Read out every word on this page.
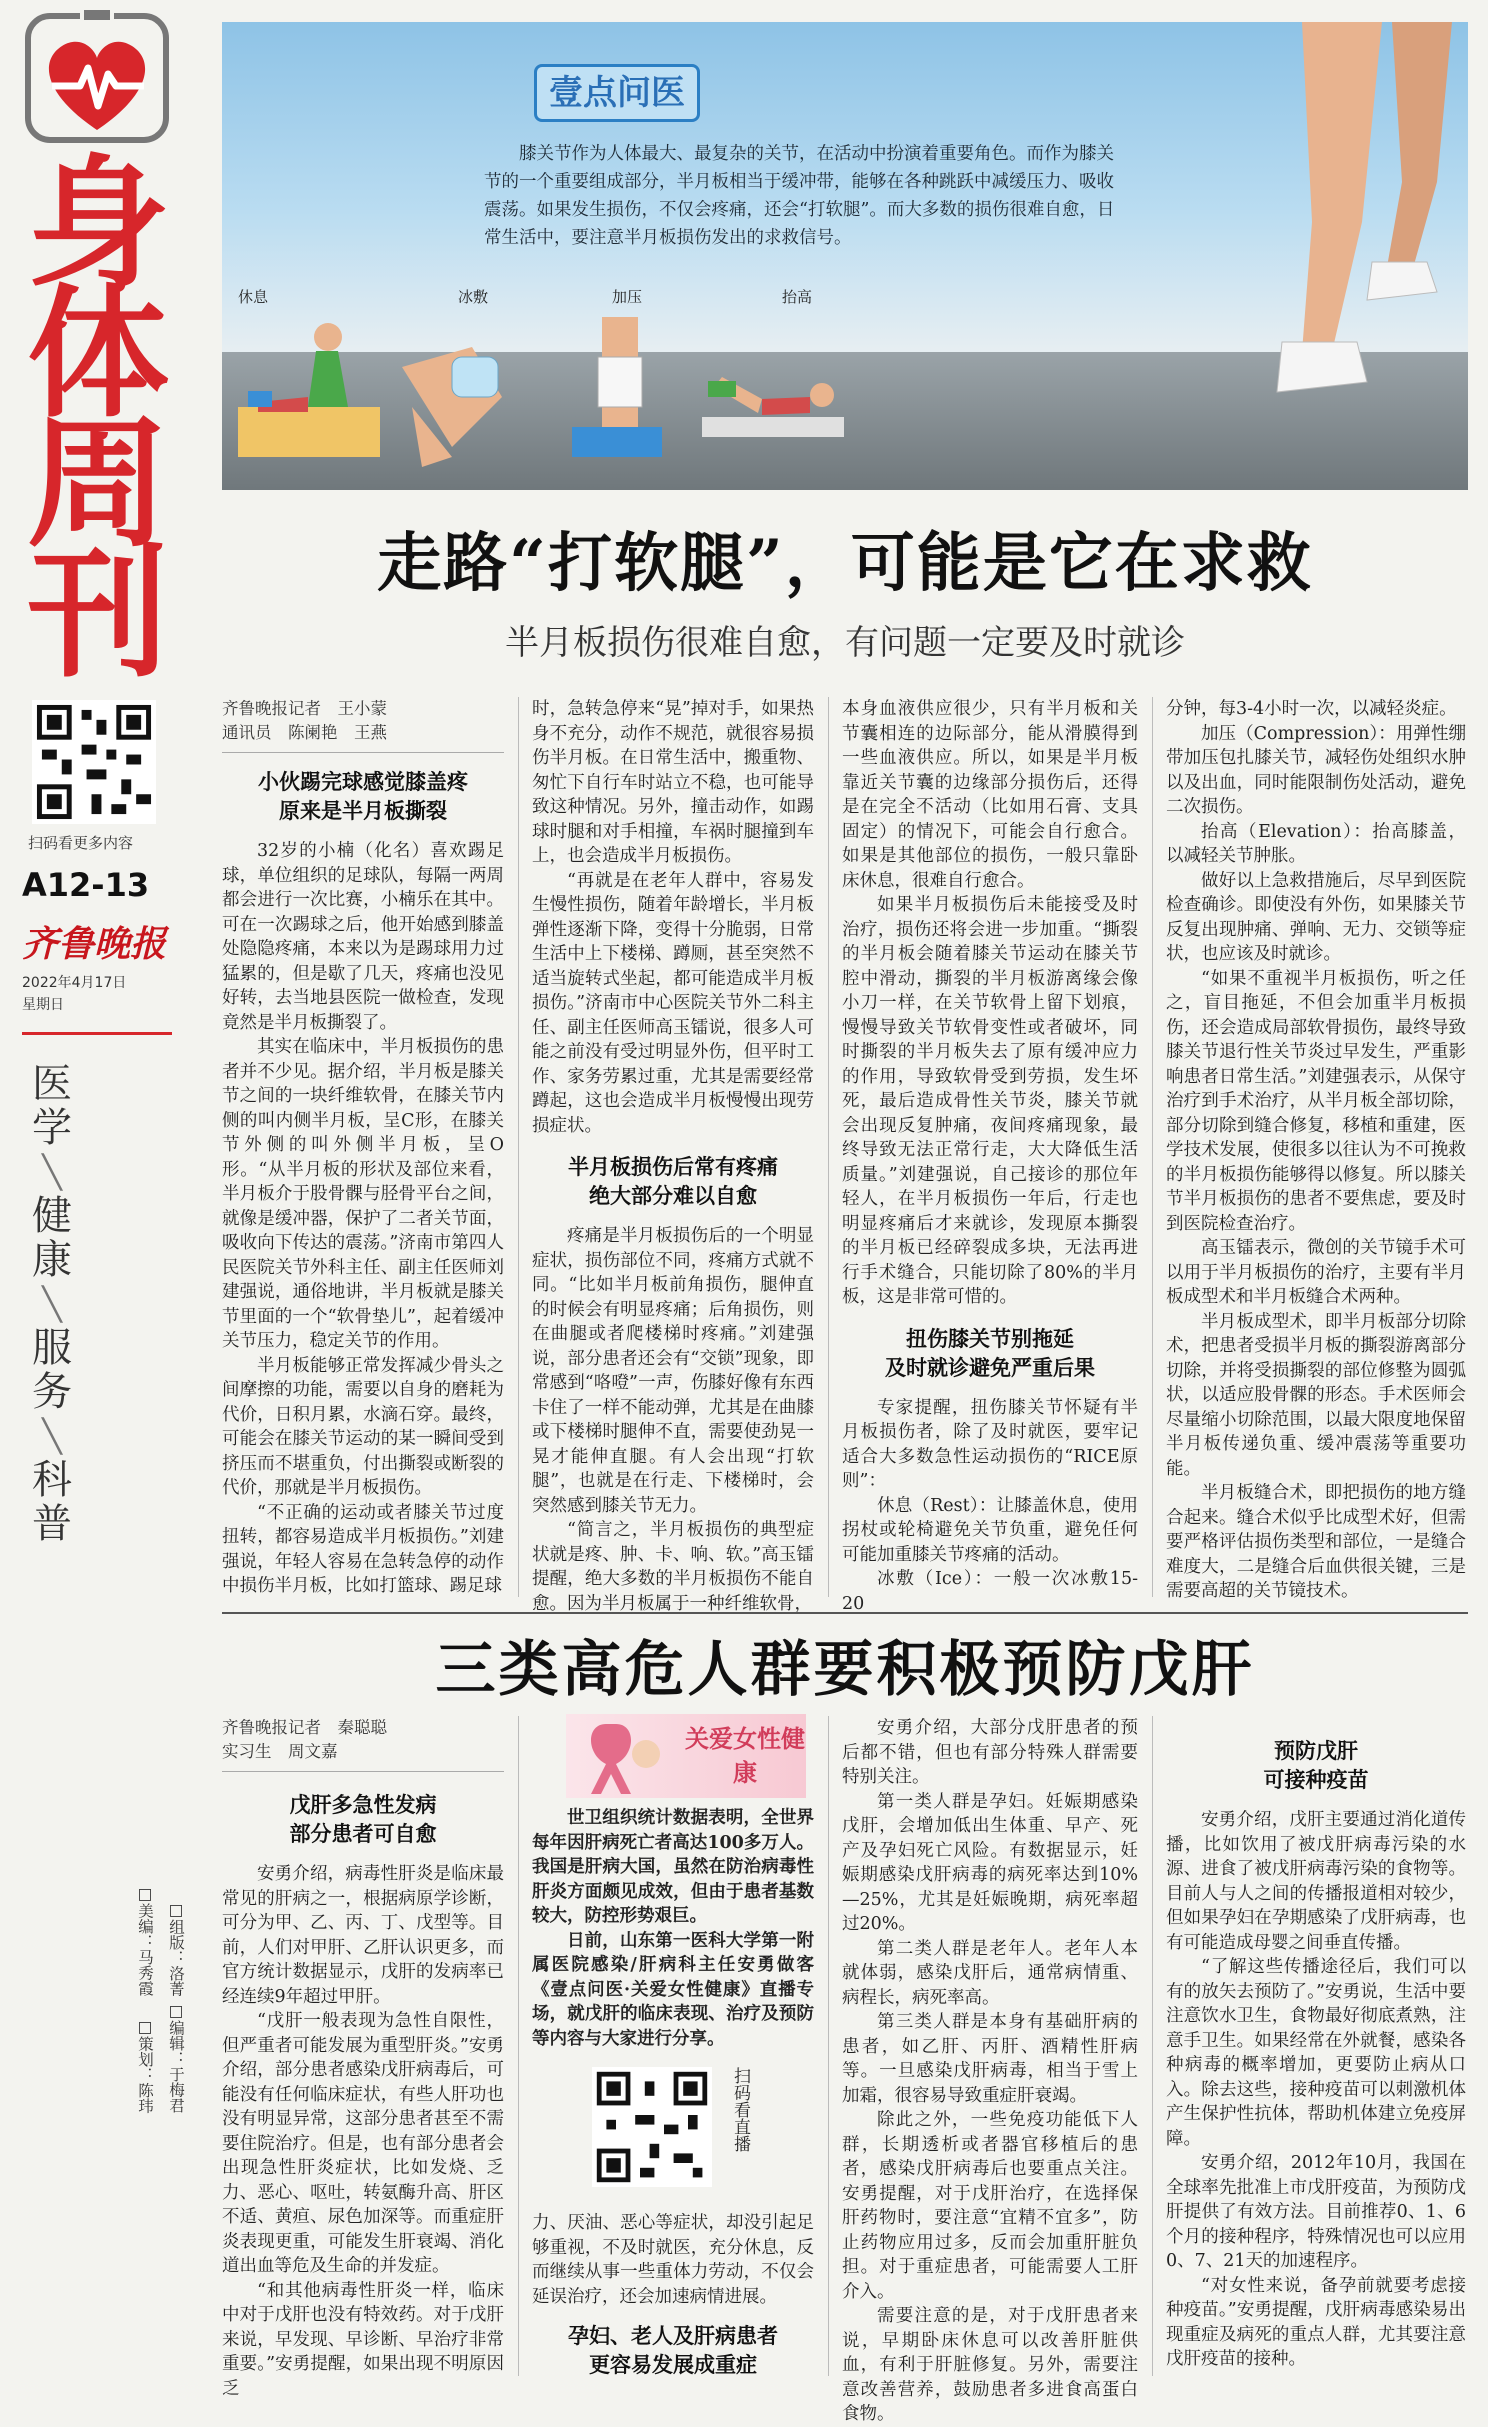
身
体
周
刊
扫码看更多内容
A12-13
齐鲁晚报
2022年4月17日
星期日
医学
╲
健康
╲
服务
╲
科普
□美编：马秀霞 □组版：洛菁 □策划：陈玮 □编辑：于梅君
壹点问医
膝关节作为人体最大、最复杂的关节，在活动中扮演着重要角色。而作为膝关节的一个重要组成部分，半月板相当于缓冲带，能够在各种跳跃中减缓压力、吸收震荡。如果发生损伤，不仅会疼痛，还会“打软腿”。而大多数的损伤很难自愈，日常生活中，要注意半月板损伤发出的求救信号。
休息	冰敷	加压	抬高
走路“打软腿”，可能是它在求救
半月板损伤很难自愈，有问题一定要及时就诊
齐鲁晚报记者　王小蒙
通讯员　陈阑艳　王燕
小伙踢完球感觉膝盖疼
原来是半月板撕裂

32岁的小楠（化名）喜欢踢足球，单位组织的足球队，每隔一两周都会进行一次比赛，小楠乐在其中。可在一次踢球之后，他开始感到膝盖处隐隐疼痛，本来以为是踢球用力过猛累的，但是歇了几天，疼痛也没见好转，去当地县医院一做检查，发现竟然是半月板撕裂了。

其实在临床中，半月板损伤的患者并不少见。据介绍，半月板是膝关节之间的一块纤维软骨，在膝关节内侧的叫内侧半月板，呈C形，在膝关节外侧的叫外侧半月板，呈O形。“从半月板的形状及部位来看，半月板介于股骨髁与胫骨平台之间，就像是缓冲器，保护了二者关节面，吸收向下传达的震荡。”济南市第四人民医院关节外科主任、副主任医师刘建强说，通俗地讲，半月板就是膝关节里面的一个“软骨垫儿”，起着缓冲关节压力，稳定关节的作用。

半月板能够正常发挥减少骨头之间摩擦的功能，需要以自身的磨耗为代价，日积月累，水滴石穿。最终，可能会在膝关节运动的某一瞬间受到挤压而不堪重负，付出撕裂或断裂的代价，那就是半月板损伤。

“不正确的运动或者膝关节过度扭转，都容易造成半月板损伤。”刘建强说，年轻人容易在急转急停的动作中损伤半月板，比如打篮球、踢足球

时，急转急停来“晃”掉对手，如果热身不充分，动作不规范，就很容易损伤半月板。在日常生活中，搬重物、匆忙下自行车时站立不稳，也可能导致这种情况。另外，撞击动作，如踢球时腿和对手相撞，车祸时腿撞到车上，也会造成半月板损伤。

“再就是在老年人群中，容易发生慢性损伤，随着年龄增长，半月板弹性逐渐下降，变得十分脆弱，日常生活中上下楼梯、蹲厕，甚至突然不适当旋转式坐起，都可能造成半月板损伤。”济南市中心医院关节外二科主任、副主任医师高玉镭说，很多人可能之前没有受过明显外伤，但平时工作、家务劳累过重，尤其是需要经常蹲起，这也会造成半月板慢慢出现劳损症状。

半月板损伤后常有疼痛
绝大部分难以自愈

疼痛是半月板损伤后的一个明显症状，损伤部位不同，疼痛方式就不同。“比如半月板前角损伤，腿伸直的时候会有明显疼痛；后角损伤，则在曲腿或者爬楼梯时疼痛。”刘建强说，部分患者还会有“交锁”现象，即常感到“咯噔”一声，伤膝好像有东西卡住了一样不能动弹，尤其是在曲膝或下楼梯时腿伸不直，需要使劲晃一晃才能伸直腿。有人会出现“打软腿”，也就是在行走、下楼梯时，会突然感到膝关节无力。

“简言之，半月板损伤的典型症状就是疼、肿、卡、响、软。”高玉镭提醒，绝大多数的半月板损伤不能自愈。因为半月板属于一种纤维软骨，

本身血液供应很少，只有半月板和关节囊相连的边际部分，能从滑膜得到一些血液供应。所以，如果是半月板靠近关节囊的边缘部分损伤后，还得是在完全不活动（比如用石膏、支具固定）的情况下，可能会自行愈合。如果是其他部位的损伤，一般只靠卧床休息，很难自行愈合。

如果半月板损伤后未能接受及时治疗，损伤还将会进一步加重。“撕裂的半月板会随着膝关节运动在膝关节腔中滑动，撕裂的半月板游离缘会像小刀一样，在关节软骨上留下划痕，慢慢导致关节软骨变性或者破坏，同时撕裂的半月板失去了原有缓冲应力的作用，导致软骨受到劳损，发生坏死，最后造成骨性关节炎，膝关节就会出现反复肿痛，夜间疼痛现象，最终导致无法正常行走，大大降低生活质量。”刘建强说，自己接诊的那位年轻人，在半月板损伤一年后，行走也明显疼痛后才来就诊，发现原本撕裂的半月板已经碎裂成多块，无法再进行手术缝合，只能切除了80%的半月板，这是非常可惜的。

扭伤膝关节别拖延
及时就诊避免严重后果

专家提醒，扭伤膝关节怀疑有半月板损伤者，除了及时就医，要牢记适合大多数急性运动损伤的“RICE原则”：

休息（Rest）：让膝盖休息，使用拐杖或轮椅避免关节负重，避免任何可能加重膝关节疼痛的活动。

冰敷（Ice）：一般一次冰敷15-20

分钟，每3-4小时一次，以减轻炎症。

加压（Compression）：用弹性绷带加压包扎膝关节，减轻伤处组织水肿以及出血，同时能限制伤处活动，避免二次损伤。

抬高（Elevation）：抬高膝盖，以减轻关节肿胀。

做好以上急救措施后，尽早到医院检查确诊。即使没有外伤，如果膝关节反复出现肿痛、弹响、无力、交锁等症状，也应该及时就诊。

“如果不重视半月板损伤，听之任之，盲目拖延，不但会加重半月板损伤，还会造成局部软骨损伤，最终导致膝关节退行性关节炎过早发生，严重影响患者日常生活。”刘建强表示，从保守治疗到手术治疗，从半月板全部切除，部分切除到缝合修复，移植和重建，医学技术发展，使很多以往认为不可挽救的半月板损伤能够得以修复。所以膝关节半月板损伤的患者不要焦虑，要及时到医院检查治疗。

高玉镭表示，微创的关节镜手术可以用于半月板损伤的治疗，主要有半月板成型术和半月板缝合术两种。

半月板成型术，即半月板部分切除术，把患者受损半月板的撕裂游离部分切除，并将受损撕裂的部位修整为圆弧状，以适应股骨髁的形态。手术医师会尽量缩小切除范围，以最大限度地保留半月板传递负重、缓冲震荡等重要功能。

半月板缝合术，即把损伤的地方缝合起来。缝合术似乎比成型术好，但需要严格评估损伤类型和部位，一是缝合难度大，二是缝合后血供很关键，三是需要高超的关节镜技术。

三类高危人群要积极预防戊肝
关爱女性健康
齐鲁晚报记者　秦聪聪
实习生　周文嘉
戊肝多急性发病
部分患者可自愈

安勇介绍，病毒性肝炎是临床最常见的肝病之一，根据病原学诊断，可分为甲、乙、丙、丁、戊型等。目前，人们对甲肝、乙肝认识更多，而官方统计数据显示，戊肝的发病率已经连续9年超过甲肝。

“戊肝一般表现为急性自限性，但严重者可能发展为重型肝炎。”安勇介绍，部分患者感染戊肝病毒后，可能没有任何临床症状，有些人肝功也没有明显异常，这部分患者甚至不需要住院治疗。但是，也有部分患者会出现急性肝炎症状，比如发烧、乏力、恶心、呕吐，转氨酶升高、肝区不适、黄疸、尿色加深等。而重症肝炎表现更重，可能发生肝衰竭、消化道出血等危及生命的并发症。

“和其他病毒性肝炎一样，临床中对于戊肝也没有特效药。对于戊肝来说，早发现、早诊断、早治疗非常重要。”安勇提醒，如果出现不明原因乏

世卫组织统计数据表明，全世界每年因肝病死亡者高达100多万人。我国是肝病大国，虽然在防治病毒性肝炎方面颇见成效，但由于患者基数较大，防控形势艰巨。

日前，山东第一医科大学第一附属医院感染/肝病科主任安勇做客《壹点问医·关爱女性健康》直播专场，就戊肝的临床表现、治疗及预防等内容与大家进行分享。

扫码看直播

力、厌油、恶心等症状，却没引起足够重视，不及时就医，充分休息，反而继续从事一些重体力劳动，不仅会延误治疗，还会加速病情进展。

孕妇、老人及肝病患者
更容易发展成重症

安勇介绍，大部分戊肝患者的预后都不错，但也有部分特殊人群需要特别关注。

第一类人群是孕妇。妊娠期感染戊肝，会增加低出生体重、早产、死产及孕妇死亡风险。有数据显示，妊娠期感染戊肝病毒的病死率达到10%—25%，尤其是妊娠晚期，病死率超过20%。

第二类人群是老年人。老年人本就体弱，感染戊肝后，通常病情重、病程长，病死率高。

第三类人群是本身有基础肝病的患者，如乙肝、丙肝、酒精性肝病等。一旦感染戊肝病毒，相当于雪上加霜，很容易导致重症肝衰竭。

除此之外，一些免疫功能低下人群，长期透析或者器官移植后的患者，感染戊肝病毒后也要重点关注。安勇提醒，对于戊肝治疗，在选择保肝药物时，要注意“宜精不宜多”，防止药物应用过多，反而会加重肝脏负担。对于重症患者，可能需要人工肝介入。

需要注意的是，对于戊肝患者来说，早期卧床休息可以改善肝脏供血，有利于肝脏修复。另外，需要注意改善营养，鼓励患者多进食高蛋白食物。

预防戊肝
可接种疫苗

安勇介绍，戊肝主要通过消化道传播，比如饮用了被戊肝病毒污染的水源、进食了被戊肝病毒污染的食物等。目前人与人之间的传播报道相对较少，但如果孕妇在孕期感染了戊肝病毒，也有可能造成母婴之间垂直传播。

“了解这些传播途径后，我们可以有的放矢去预防了。”安勇说，生活中要注意饮水卫生，食物最好彻底煮熟，注意手卫生。如果经常在外就餐，感染各种病毒的概率增加，更要防止病从口入。除去这些，接种疫苗可以刺激机体产生保护性抗体，帮助机体建立免疫屏障。

安勇介绍，2012年10月，我国在全球率先批准上市戊肝疫苗，为预防戊肝提供了有效方法。目前推荐0、1、6个月的接种程序，特殊情况也可以应用0、7、21天的加速程序。

“对女性来说，备孕前就要考虑接种疫苗。”安勇提醒，戊肝病毒感染易出现重症及病死的重点人群，尤其要注意戊肝疫苗的接种。
